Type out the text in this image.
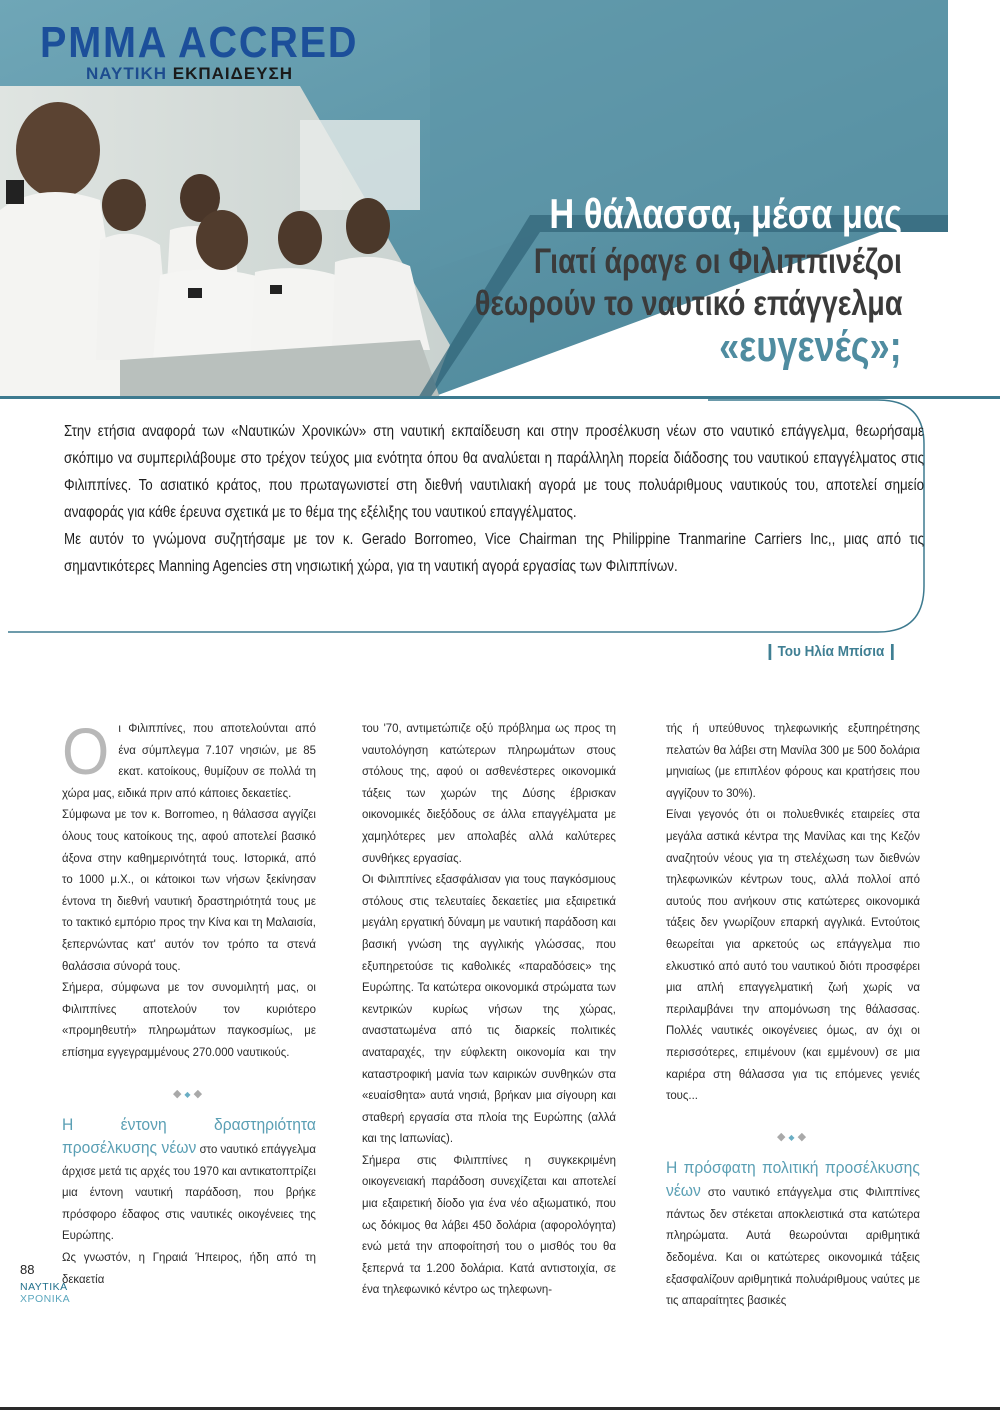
PMMA ACCRED
ΝΑΥΤΙΚΗ ΕΚΠΑΙΔΕΥΣΗ
Η θάλασσα, μέσα μας
Γιατί άραγε οι Φιλιππινέζοι
θεωρούν το ναυτικό επάγγελμα
«ευγενές»;

Στην ετήσια αναφορά των «Ναυτικών Χρονικών» στη ναυτική εκπαίδευση και στην προσέλκυση νέων στο ναυτικό επάγγελμα, θεωρήσαμε σκόπιμο να συμπεριλάβουμε στο τρέχον τεύχος μια ενότητα όπου θα αναλύεται η παράλληλη πορεία διάδοσης του ναυτικού επαγγέλματος στις Φιλιππίνες. Το ασιατικό κράτος, που πρωταγωνιστεί στη διεθνή ναυτιλιακή αγορά με τους πολυάριθμους ναυτικούς του, αποτελεί σημείο αναφοράς για κάθε έρευνα σχετικά με το θέμα της εξέλιξης του ναυτικού επαγγέλματος.

Με αυτόν το γνώμονα συζητήσαμε με τον κ. Gerado Borromeo, Vice Chairman της Philippine Tranmarine Carriers Inc,, μιας από τις σημαντικότερες Manning Agencies στη νησιωτική χώρα, για τη ναυτική αγορά εργασίας των Φιλιππίνων.

Του Ηλία Μπίσια

Οι Φιλιππίνες, που αποτελούνται από ένα σύμπλεγμα 7.107 νησιών, με 85 εκατ. κατοίκους, θυμίζουν σε πολλά τη χώρα μας, ειδικά πριν από κάποιες δεκαετίες.

Σύμφωνα με τον κ. Borromeo, η θάλασσα αγγίζει όλους τους κατοίκους της, αφού αποτελεί βασικό άξονα στην καθημερινότητά τους. Ιστορικά, από το 1000 μ.Χ., οι κάτοικοι των νήσων ξεκίνησαν έντονα τη διεθνή ναυτική δραστηριότητά τους με το τακτικό εμπόριο προς την Κίνα και τη Μαλαισία, ξεπερνώντας κατ' αυτόν τον τρόπο τα στενά θαλάσσια σύνορά τους.

Σήμερα, σύμφωνα με τον συνομιλητή μας, οι Φιλιππίνες αποτελούν τον κυριότερο «προμηθευτή» πληρωμάτων παγκοσμίως, με επίσημα εγγεγραμμένους 270.000 ναυτικούς.

◆◆◆

Η έντονη δραστηριότητα προσέλκυσης νέων στο ναυτικό επάγγελμα άρχισε μετά τις αρχές του 1970 και αντικατοπτρίζει μια έντονη ναυτική παράδοση, που βρήκε πρόσφορο έδαφος στις ναυτικές οικογένειες της Ευρώπης.

Ως γνωστόν, η Γηραιά Ήπειρος, ήδη από τη δεκαετία

του '70, αντιμετώπιζε οξύ πρόβλημα ως προς τη ναυτολόγηση κατώτερων πληρωμάτων στους στόλους της, αφού οι ασθενέστερες οικονομικά τάξεις των χωρών της Δύσης έβρισκαν οικονομικές διεξόδους σε άλλα επαγγέλματα με χαμηλότερες μεν απολαβές αλλά καλύτερες συνθήκες εργασίας.

Οι Φιλιππίνες εξασφάλισαν για τους παγκόσμιους στόλους στις τελευταίες δεκαετίες μια εξαιρετικά μεγάλη εργατική δύναμη με ναυτική παράδοση και βασική γνώση της αγγλικής γλώσσας, που εξυπηρετούσε τις καθολικές «παραδόσεις» της Ευρώπης. Τα κατώτερα οικονομικά στρώματα των κεντρικών κυρίως νήσων της χώρας, αναστατωμένα από τις διαρκείς πολιτικές αναταραχές, την εύφλεκτη οικονομία και την καταστροφική μανία των καιρικών συνθηκών στα «ευαίσθητα» αυτά νησιά, βρήκαν μια σίγουρη και σταθερή εργασία στα πλοία της Ευρώπης (αλλά και της Ιαπωνίας).

Σήμερα στις Φιλιππίνες η συγκεκριμένη οικογενειακή παράδοση συνεχίζεται και αποτελεί μια εξαιρετική δίοδο για ένα νέο αξιωματικό, που ως δόκιμος θα λάβει 450 δολάρια (αφορολόγητα) ενώ μετά την αποφοίτησή του ο μισθός του θα ξεπερνά τα 1.200 δολάρια. Κατά αντιστοιχία, σε ένα τηλεφωνικό κέντρο ως τηλεφωνη-

τής ή υπεύθυνος τηλεφωνικής εξυπηρέτησης πελατών θα λάβει στη Μανίλα 300 με 500 δολάρια μηνιαίως (με επιπλέον φόρους και κρατήσεις που αγγίζουν το 30%).

Είναι γεγονός ότι οι πολυεθνικές εταιρείες στα μεγάλα αστικά κέντρα της Μανίλας και της Κεζόν αναζητούν νέους για τη στελέχωση των διεθνών τηλεφωνικών κέντρων τους, αλλά πολλοί από αυτούς που ανήκουν στις κατώτερες οικονομικά τάξεις δεν γνωρίζουν επαρκή αγγλικά. Εντούτοις θεωρείται για αρκετούς ως επάγγελμα πιο ελκυστικό από αυτό του ναυτικού διότι προσφέρει μια απλή επαγγελματική ζωή χωρίς να περιλαμβάνει την απομόνωση της θάλασσας. Πολλές ναυτικές οικογένειες όμως, αν όχι οι περισσότερες, επιμένουν (και εμμένουν) σε μια καριέρα στη θάλασσα για τις επόμενες γενιές τους...

◆◆◆

Η πρόσφατη πολιτική προσέλκυσης νέων στο ναυτικό επάγγελμα στις Φιλιππίνες πάντως δεν στέκεται αποκλειστικά στα κατώτερα πληρώματα. Αυτά θεωρούνται αριθμητικά δεδομένα. Και οι κατώτερες οικονομικά τάξεις εξασφαλίζουν αριθμητικά πολυάριθμους ναύτες με τις απαραίτητες βασικές

88
ΝΑΥΤΙΚΑ
ΧΡΟΝΙΚΑ
